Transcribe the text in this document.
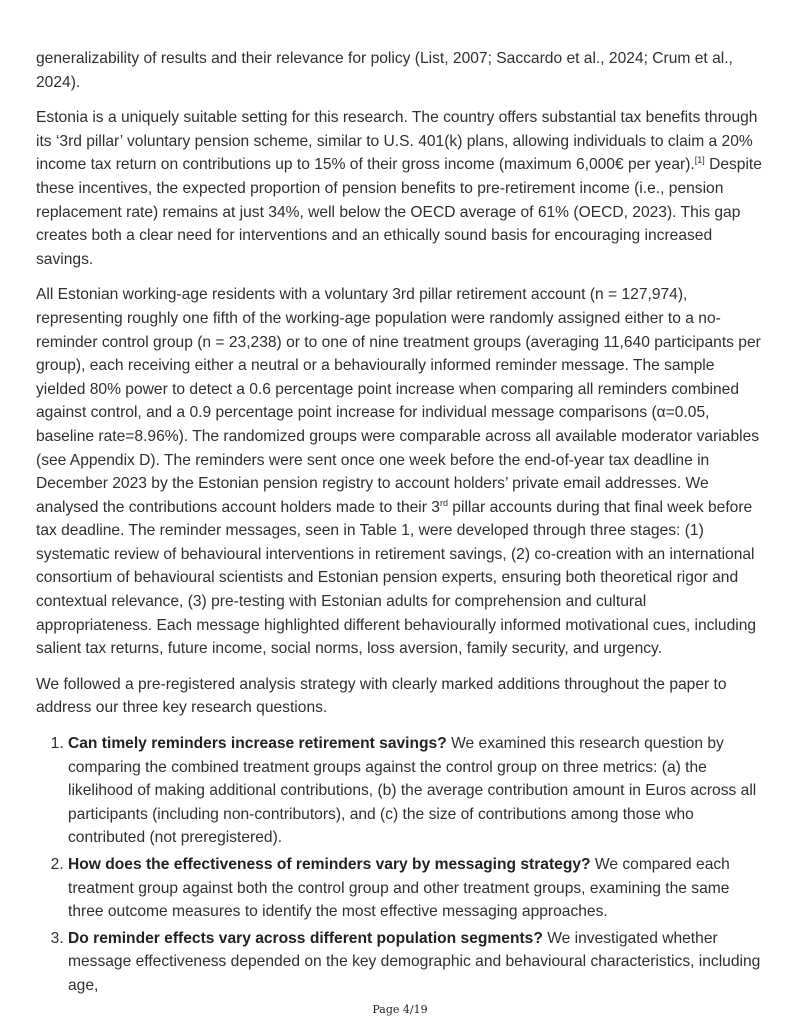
generalizability of results and their relevance for policy (List, 2007; Saccardo et al., 2024; Crum et al., 2024).

Estonia is a uniquely suitable setting for this research. The country offers substantial tax benefits through its ‘3rd pillar’ voluntary pension scheme, similar to U.S. 401(k) plans, allowing individuals to claim a 20% income tax return on contributions up to 15% of their gross income (maximum 6,000€ per year).[1] Despite these incentives, the expected proportion of pension benefits to pre-retirement income (i.e., pension replacement rate) remains at just 34%, well below the OECD average of 61% (OECD, 2023). This gap creates both a clear need for interventions and an ethically sound basis for encouraging increased savings.

All Estonian working-age residents with a voluntary 3rd pillar retirement account (n = 127,974), representing roughly one fifth of the working-age population were randomly assigned either to a no-reminder control group (n = 23,238) or to one of nine treatment groups (averaging 11,640 participants per group), each receiving either a neutral or a behaviourally informed reminder message. The sample yielded 80% power to detect a 0.6 percentage point increase when comparing all reminders combined against control, and a 0.9 percentage point increase for individual message comparisons (α=0.05, baseline rate=8.96%). The randomized groups were comparable across all available moderator variables (see Appendix D). The reminders were sent once one week before the end-of-year tax deadline in December 2023 by the Estonian pension registry to account holders’ private email addresses. We analysed the contributions account holders made to their 3rd pillar accounts during that final week before tax deadline. The reminder messages, seen in Table 1, were developed through three stages: (1) systematic review of behavioural interventions in retirement savings, (2) co-creation with an international consortium of behavioural scientists and Estonian pension experts, ensuring both theoretical rigor and contextual relevance, (3) pre-testing with Estonian adults for comprehension and cultural appropriateness. Each message highlighted different behaviourally informed motivational cues, including salient tax returns, future income, social norms, loss aversion, family security, and urgency.

We followed a pre-registered analysis strategy with clearly marked additions throughout the paper to address our three key research questions.

1. Can timely reminders increase retirement savings? We examined this research question by comparing the combined treatment groups against the control group on three metrics: (a) the likelihood of making additional contributions, (b) the average contribution amount in Euros across all participants (including non-contributors), and (c) the size of contributions among those who contributed (not preregistered).
2. How does the effectiveness of reminders vary by messaging strategy? We compared each treatment group against both the control group and other treatment groups, examining the same three outcome measures to identify the most effective messaging approaches.
3. Do reminder effects vary across different population segments? We investigated whether message effectiveness depended on the key demographic and behavioural characteristics, including age,
Page 4/19
